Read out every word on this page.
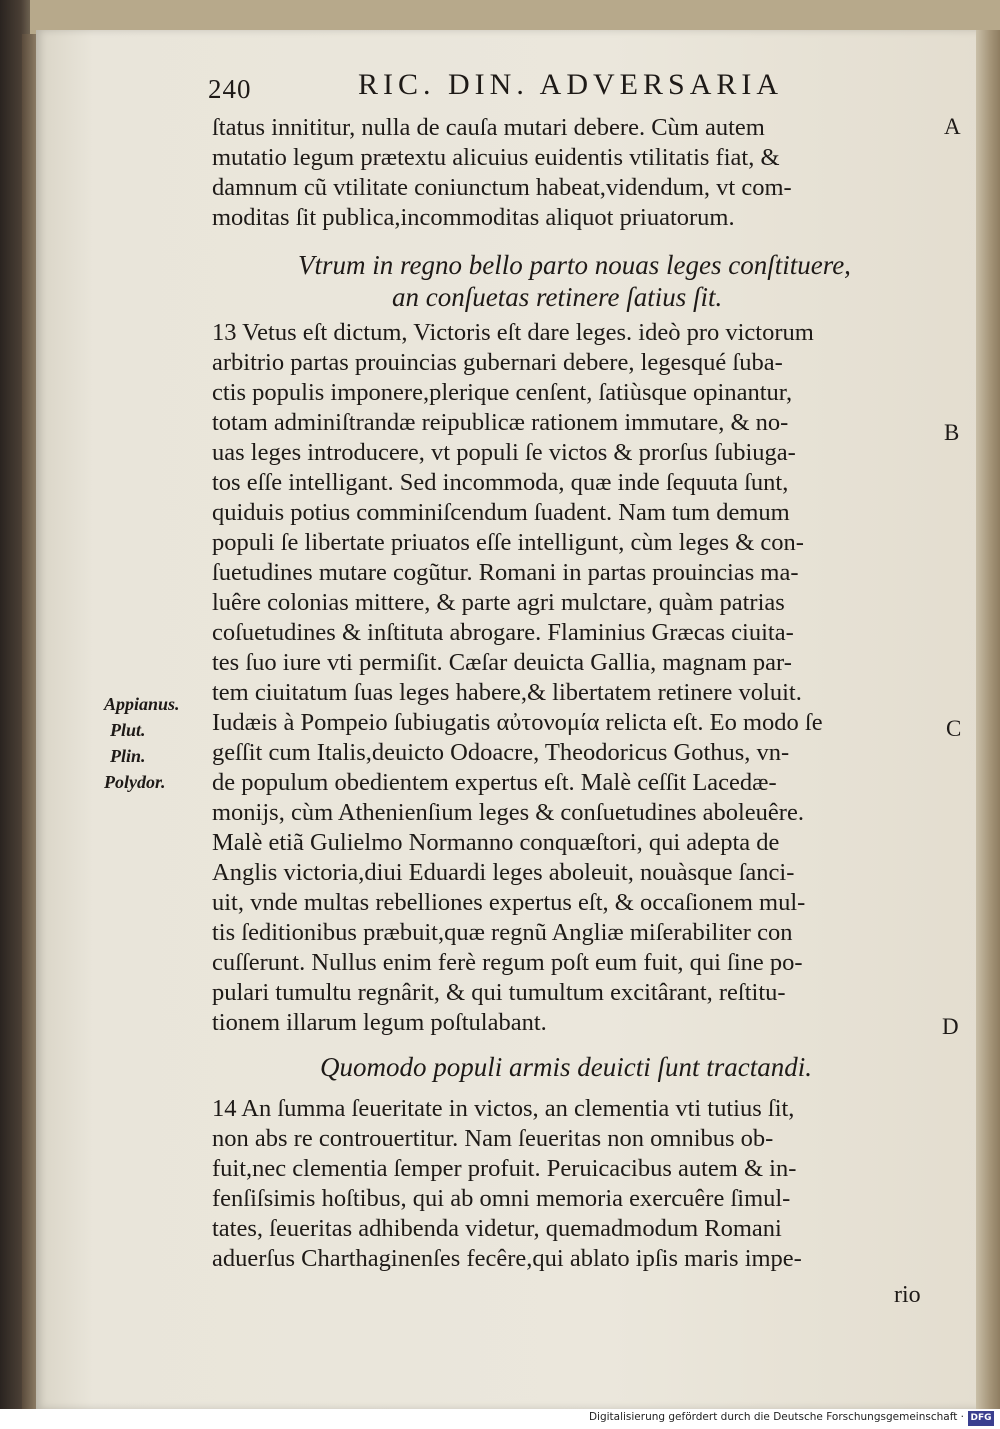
240	RIC. DIN. ADVERSARIA
ſtatus innititur, nulla de cauſa mutari debere. Cùm autem
mutatio legum prætextu alicuius euidentis vtilitatis fiat, &
damnum cũ vtilitate coniunctum habeat,videndum, vt com-
moditas ſit publica,incommoditas aliquot priuatorum.
Vtrum in regno bello parto nouas leges conſtituere,
an conſuetas retinere ſatius ſit.
13 Vetus eſt dictum, Victoris eſt dare leges. ideò pro victorum
arbitrio partas prouincias gubernari debere, legesqué ſuba-
ctis populis imponere,plerique cenſent, ſatiùsque opinantur,
totam adminiſtrandæ reipublicæ rationem immutare, & no-
uas leges introducere, vt populi ſe victos & prorſus ſubiuga-
tos eſſe intelligant. Sed incommoda, quæ inde ſequuta ſunt,
quiduis potius comminiſcendum ſuadent. Nam tum demum
populi ſe libertate priuatos eſſe intelligunt, cùm leges & con-
ſuetudines mutare cogũtur. Romani in partas prouincias ma-
luêre colonias mittere, & parte agri mulctare, quàm patrias
coſuetudines & inſtituta abrogare. Flaminius Græcas ciuita-
tes ſuo iure vti permiſit. Cæſar deuicta Gallia, magnam par-
tem ciuitatum ſuas leges habere,& libertatem retinere voluit.
Iudæis à Pompeio ſubiugatis αὐτονομία relicta eſt. Eo modo ſe
geſſit cum Italis,deuicto Odoacre, Theodoricus Gothus, vn-
de populum obedientem expertus eſt. Malè ceſſit Lacedæ-
monijs, cùm Athenienſium leges & conſuetudines aboleuêre.
Malè etiã Gulielmo Normanno conquæſtori, qui adepta de
Anglis victoria,diui Eduardi leges aboleuit, nouàsque ſanci-
uit, vnde multas rebelliones expertus eſt, & occaſionem mul-
tis ſeditionibus præbuit,quæ regnũ Angliæ miſerabiliter con
cuſſerunt. Nullus enim ferè regum poſt eum fuit, qui ſine po-
pulari tumultu regnârit, & qui tumultum excitârant, reſtitu-
tionem illarum legum poſtulabant.
Quomodo populi armis deuicti ſunt tractandi.
14 An ſumma ſeueritate in victos, an clementia vti tutius ſit,
non abs re controuertitur. Nam ſeueritas non omnibus ob-
fuit,nec clementia ſemper profuit. Peruicacibus autem & in-
fenſiſsimis hoſtibus, qui ab omni memoria exercuêre ſimul-
tates, ſeueritas adhibenda videtur, quemadmodum Romani
aduerſus Charthaginenſes fecêre,qui ablato ipſis maris impe-
rio
Appianus.
Plut.
Plin.
Polydor.
A
B
C
D
Digitalisierung gefördert durch die Deutsche Forschungsgemeinschaft · DFG
